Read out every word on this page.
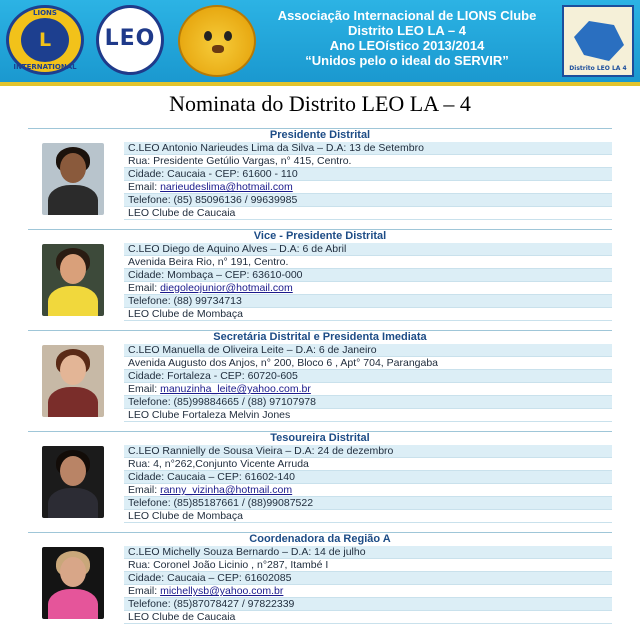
LIONS
L
INTERNATIONAL
LEO
Associação Internacional de LIONS Clube
Distrito LEO LA – 4
Ano LEOístico 2013/2014
“Unidos pelo o ideal do SERVIR”
Distrito LEO LA 4
Nominata do Distrito LEO LA – 4
Presidente Distrital
C.LEO Antonio Narieudes Lima da Silva – D.A: 13 de Setembro
Rua: Presidente Getúlio Vargas, n° 415, Centro.
Cidade: Caucaia - CEP: 61600 - 110
Email: narieudeslima@hotmail.com
Telefone: (85) 85096136 / 99639985
LEO Clube de Caucaia
Vice - Presidente Distrital
C.LEO Diego de Aquino Alves – D.A: 6 de Abril
Avenida Beira Rio, n° 191, Centro.
Cidade: Mombaça – CEP: 63610-000
Email: diegoleojunior@hotmail.com
Telefone: (88) 99734713
LEO Clube de Mombaça
Secretária Distrital e Presidenta Imediata
C.LEO Manuella de Oliveira Leite – D.A: 6 de Janeiro
Avenida Augusto dos Anjos, n° 200, Bloco 6 , Apt° 704, Parangaba
Cidade: Fortaleza - CEP: 60720-605
Email: manuzinha_leite@yahoo.com.br
Telefone: (85)99884665 / (88) 97107978
LEO Clube Fortaleza Melvin Jones
Tesoureira Distrital
C.LEO Rannielly de Sousa Vieira – D.A: 24 de dezembro
Rua: 4, n°262,Conjunto Vicente Arruda
Cidade: Caucaia – CEP: 61602-140
Email: ranny_vizinha@hotmail.com
Telefone: (85)85187661 / (88)99087522
LEO Clube de Mombaça
Coordenadora da Região A
C.LEO Michelly Souza Bernardo – D.A: 14 de julho
Rua: Coronel João Licinio , n°287, Itambé I
Cidade: Caucaia – CEP: 61602085
Email: michellysb@yahoo.com.br
Telefone: (85)87078427 / 97822339
LEO Clube de Caucaia
